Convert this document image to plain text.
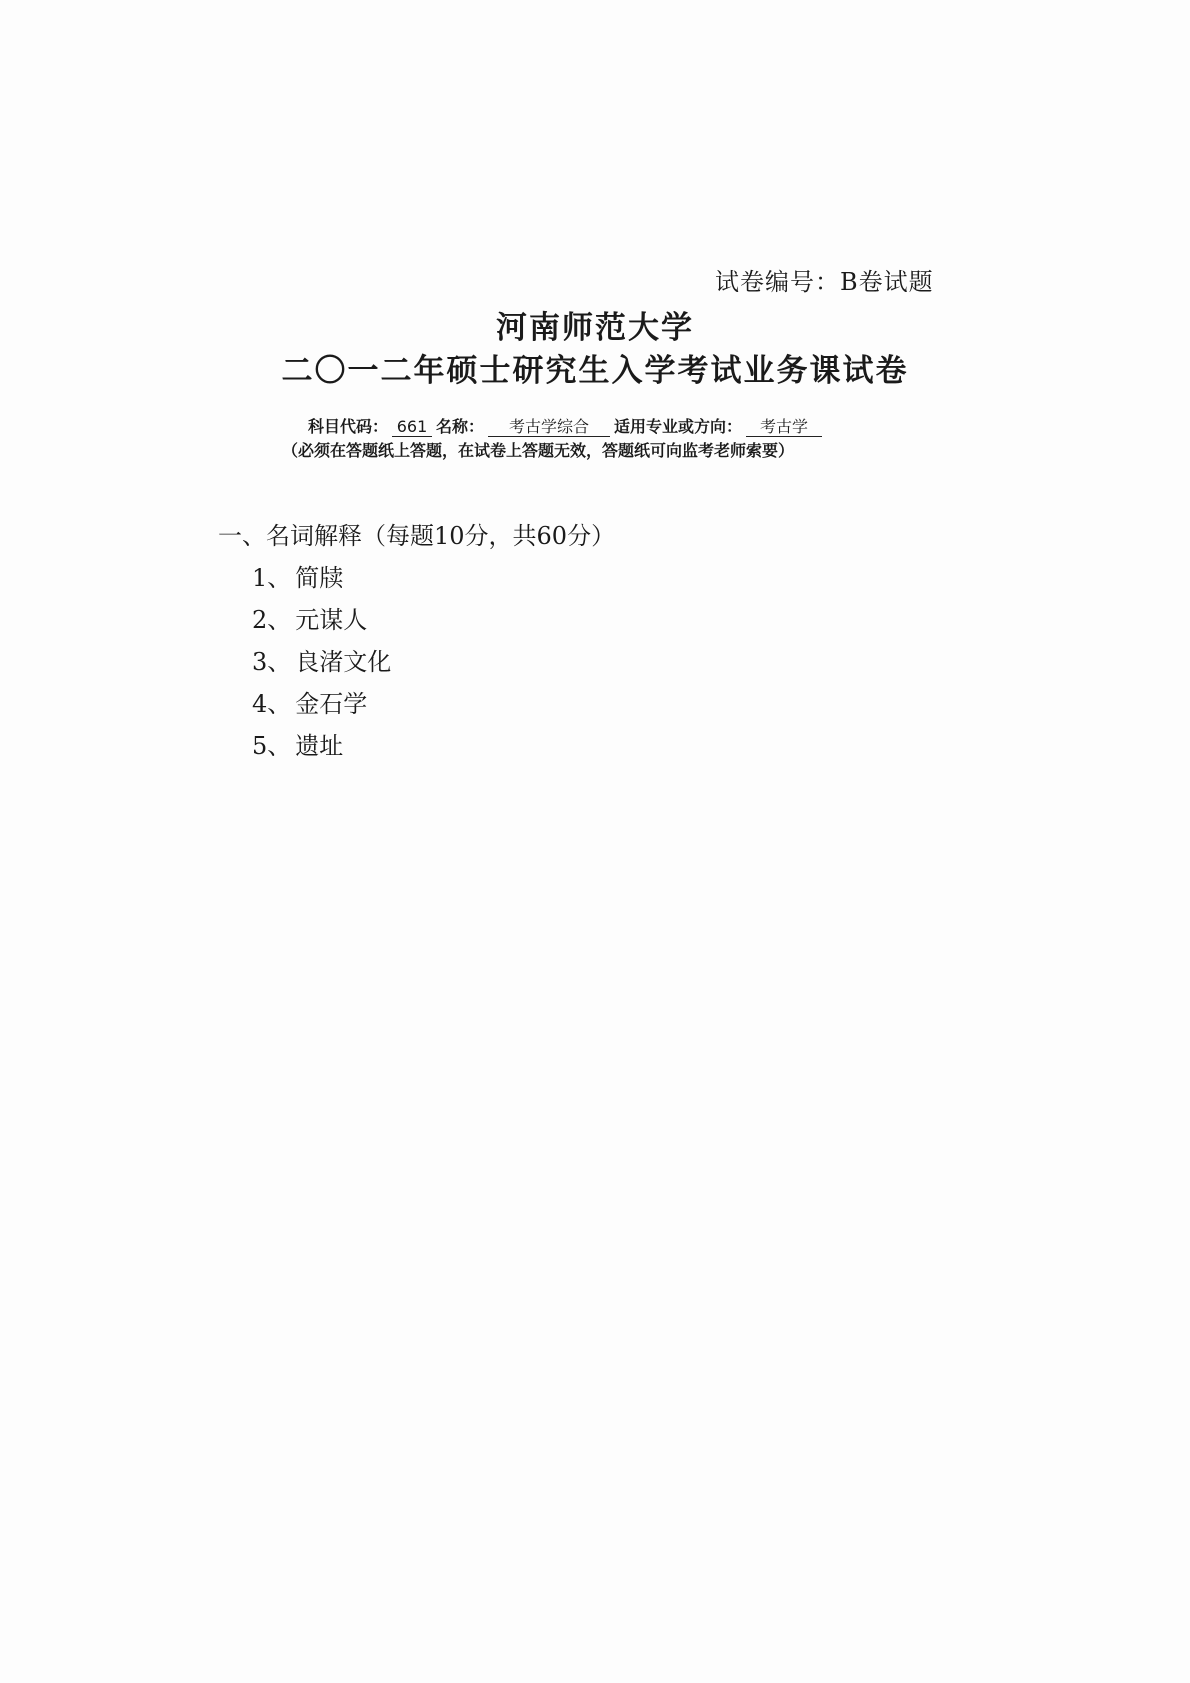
试卷编号：B卷试题
河南师范大学
二〇一二年硕士研究生入学考试业务课试卷
科目代码： 661 名称： 考古学综合 适用专业或方向： 考古学
（必须在答题纸上答题，在试卷上答题无效，答题纸可向监考老师索要）
一、名词解释（每题10分，共60分）
1、 简牍
2、 元谋人
3、 良渚文化
4、 金石学
5、 遗址
